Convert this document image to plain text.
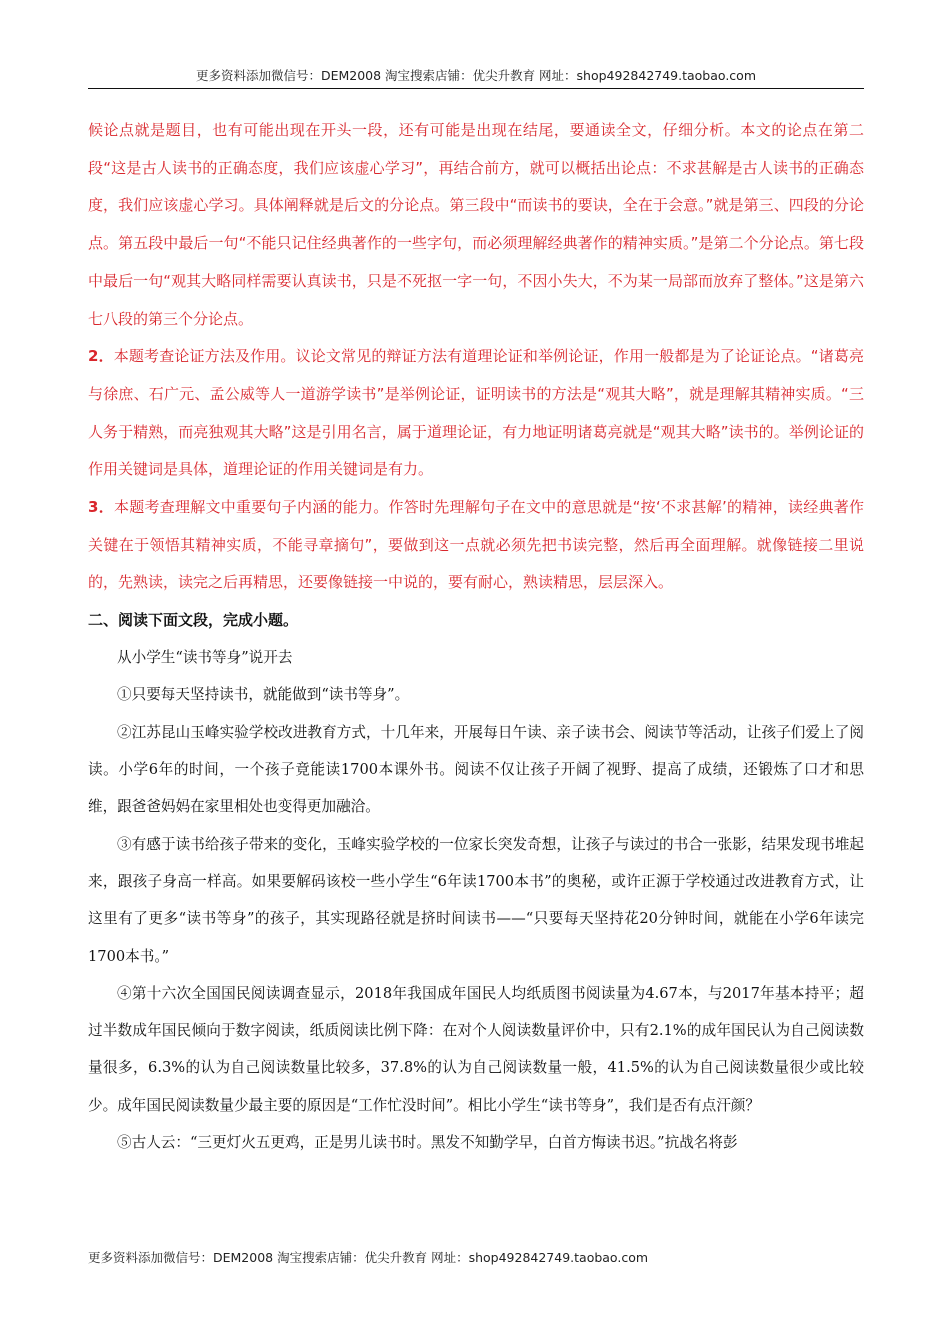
更多资料添加微信号：DEM2008 淘宝搜索店铺：优尖升教育 网址：shop492842749.taobao.com

候论点就是题目，也有可能出现在开头一段，还有可能是出现在结尾，要通读全文，仔细分析。本文的论点在第二段“这是古人读书的正确态度，我们应该虚心学习”，再结合前方，就可以概括出论点：不求甚解是古人读书的正确态度，我们应该虚心学习。具体阐释就是后文的分论点。第三段中“而读书的要诀，全在于会意。”就是第三、四段的分论点。第五段中最后一句“不能只记住经典著作的一些字句，而必须理解经典著作的精神实质。”是第二个分论点。第七段中最后一句“观其大略同样需要认真读书，只是不死抠一字一句，不因小失大，不为某一局部而放弃了整体。”这是第六七八段的第三个分论点。

2．本题考查论证方法及作用。议论文常见的辩证方法有道理论证和举例论证，作用一般都是为了论证论点。“诸葛亮与徐庶、石广元、孟公威等人一道游学读书”是举例论证，证明读书的方法是“观其大略”，就是理解其精神实质。“三人务于精熟，而亮独观其大略”这是引用名言，属于道理论证，有力地证明诸葛亮就是“观其大略”读书的。举例论证的作用关键词是具体，道理论证的作用关键词是有力。

3．本题考查理解文中重要句子内涵的能力。作答时先理解句子在文中的意思就是“按‘不求甚解’的精神，读经典著作关键在于领悟其精神实质，不能寻章摘句”，要做到这一点就必须先把书读完整，然后再全面理解。就像链接二里说的，先熟读，读完之后再精思，还要像链接一中说的，要有耐心，熟读精思，层层深入。

二、阅读下面文段，完成小题。

从小学生“读书等身”说开去

①只要每天坚持读书，就能做到“读书等身”。

②江苏昆山玉峰实验学校改进教育方式，十几年来，开展每日午读、亲子读书会、阅读节等活动，让孩子们爱上了阅读。小学6年的时间，一个孩子竟能读1700本课外书。阅读不仅让孩子开阔了视野、提高了成绩，还锻炼了口才和思维，跟爸爸妈妈在家里相处也变得更加融洽。

③有感于读书给孩子带来的变化，玉峰实验学校的一位家长突发奇想，让孩子与读过的书合一张影，结果发现书堆起来，跟孩子身高一样高。如果要解码该校一些小学生“6年读1700本书”的奥秘，或许正源于学校通过改进教育方式，让这里有了更多“读书等身”的孩子，其实现路径就是挤时间读书——“只要每天坚持花20分钟时间，就能在小学6年读完1700本书。”

④第十六次全国国民阅读调查显示，2018年我国成年国民人均纸质图书阅读量为4.67本，与2017年基本持平；超过半数成年国民倾向于数字阅读，纸质阅读比例下降：在对个人阅读数量评价中，只有2.1%的成年国民认为自己阅读数量很多，6.3%的认为自己阅读数量比较多，37.8%的认为自己阅读数量一般，41.5%的认为自己阅读数量很少或比较少。成年国民阅读数量少最主要的原因是“工作忙没时间”。相比小学生“读书等身”，我们是否有点汗颜？

⑤古人云：“三更灯火五更鸡，正是男儿读书时。黑发不知勤学早，白首方悔读书迟。”抗战名将彭

更多资料添加微信号：DEM2008 淘宝搜索店铺：优尖升教育 网址：shop492842749.taobao.com
